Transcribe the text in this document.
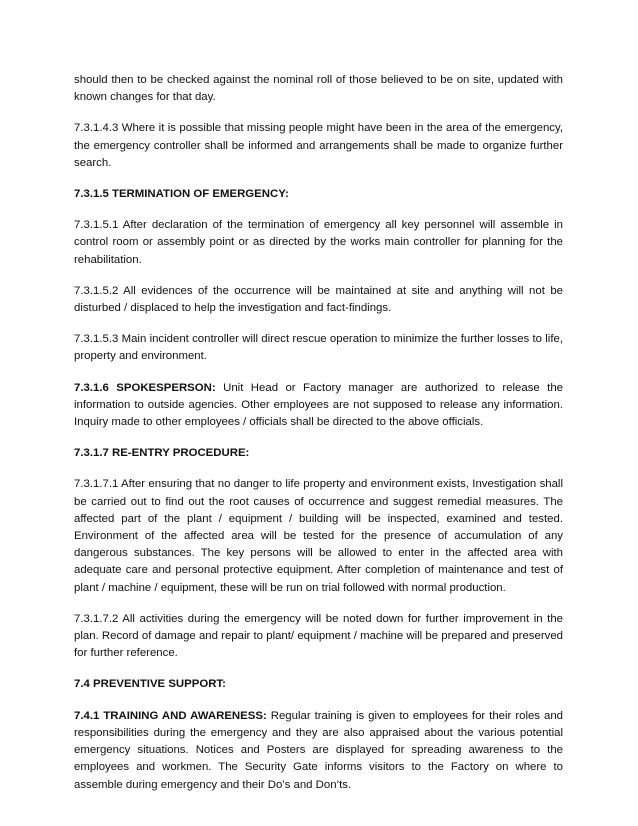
should then to be checked against the nominal roll of those believed to be on site, updated with known changes for that day.

7.3.1.4.3 Where it is possible that missing people might have been in the area of the emergency, the emergency controller shall be informed and arrangements shall be made to organize further search.

7.3.1.5 TERMINATION OF EMERGENCY:

7.3.1.5.1 After declaration of the termination of emergency all key personnel will assemble in control room or assembly point or as directed by the works main controller for planning for the rehabilitation.

7.3.1.5.2 All evidences of the occurrence will be maintained at site and anything will not be disturbed / displaced to help the investigation and fact-findings.

7.3.1.5.3 Main incident controller will direct rescue operation to minimize the further losses to life, property and environment.

7.3.1.6 SPOKESPERSON: Unit Head or Factory manager are authorized to release the information to outside agencies. Other employees are not supposed to release any information. Inquiry made to other employees / officials shall be directed to the above officials.

7.3.1.7 RE-ENTRY PROCEDURE:

7.3.1.7.1 After ensuring that no danger to life property and environment exists, Investigation shall be carried out to find out the root causes of occurrence and suggest remedial measures. The affected part of the plant / equipment / building will be inspected, examined and tested. Environment of the affected area will be tested for the presence of accumulation of any dangerous substances. The key persons will be allowed to enter in the affected area with adequate care and personal protective equipment. After completion of maintenance and test of plant / machine / equipment, these will be run on trial followed with normal production.

7.3.1.7.2 All activities during the emergency will be noted down for further improvement in the plan. Record of damage and repair to plant/ equipment / machine will be prepared and preserved for further reference.

7.4 PREVENTIVE SUPPORT:

7.4.1 TRAINING AND AWARENESS: Regular training is given to employees for their roles and responsibilities during the emergency and they are also appraised about the various potential emergency situations. Notices and Posters are displayed for spreading awareness to the employees and workmen. The Security Gate informs visitors to the Factory on where to assemble during emergency and their Do’s and Don’ts.
